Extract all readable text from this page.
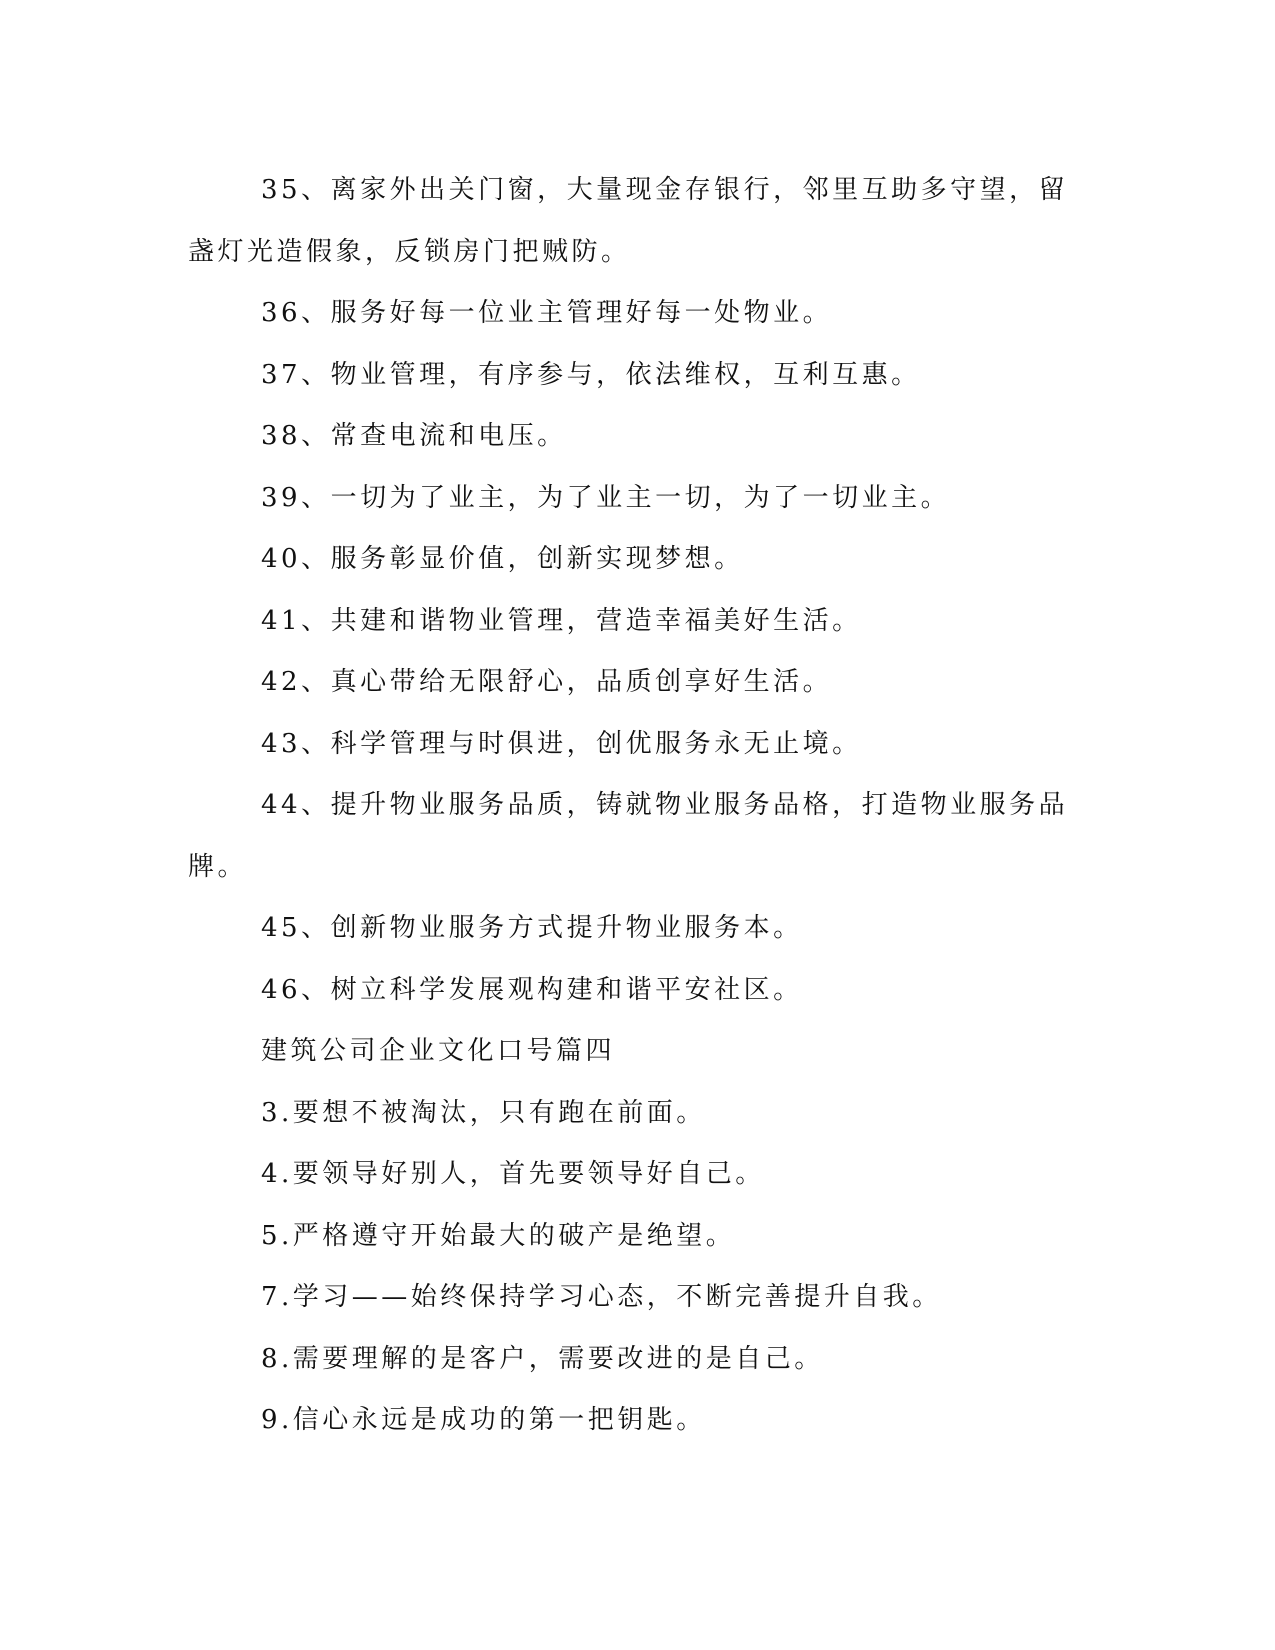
35、离家外出关门窗，大量现金存银行，邻里互助多守望，留盏灯光造假象，反锁房门把贼防。

36、服务好每一位业主管理好每一处物业。

37、物业管理，有序参与，依法维权，互利互惠。

38、常查电流和电压。

39、一切为了业主，为了业主一切，为了一切业主。

40、服务彰显价值，创新实现梦想。

41、共建和谐物业管理，营造幸福美好生活。

42、真心带给无限舒心，品质创享好生活。

43、科学管理与时俱进，创优服务永无止境。

44、提升物业服务品质，铸就物业服务品格，打造物业服务品牌。

45、创新物业服务方式提升物业服务本。

46、树立科学发展观构建和谐平安社区。

建筑公司企业文化口号篇四

3.要想不被淘汰，只有跑在前面。

4.要领导好别人，首先要领导好自己。

5.严格遵守开始最大的破产是绝望。

7.学习——始终保持学习心态，不断完善提升自我。

8.需要理解的是客户，需要改进的是自己。

9.信心永远是成功的第一把钥匙。
